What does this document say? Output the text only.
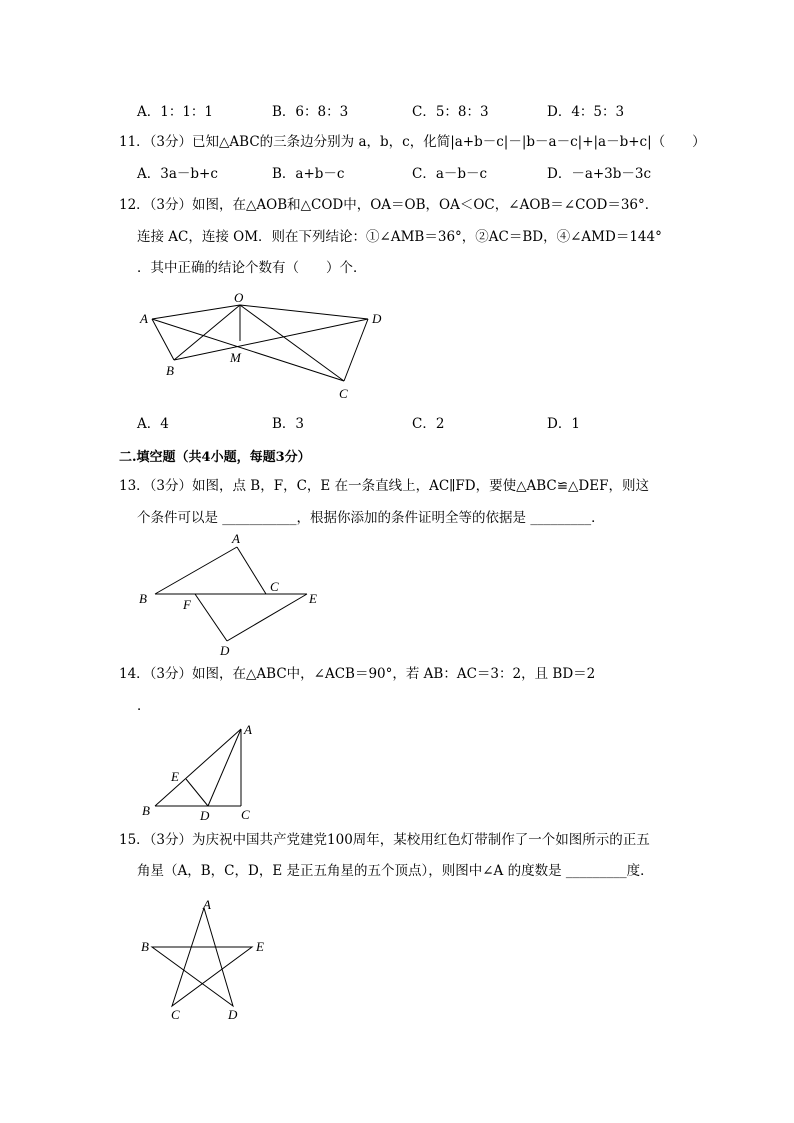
A．1：1：1	B．6：8：3	C．5：8：3	D．4：5：3
11．（3分）已知△ABC的三条边分别为 a，b，c，化简|a+b－c|－|b－a－c|+|a－b+c|（　　）
A．3a－b+c	B．a+b－c	C．a－b－c	D．－a+3b－3c
12．（3分）如图，在△AOB和△COD中，OA＝OB，OA＜OC，∠AOB＝∠COD＝36°．
连接 AC，连接 OM．则在下列结论：①∠AMB＝36°，②AC＝BD，④∠AMD＝144°
．其中正确的结论个数有（　　）个．
A
O
D
B
M
C
A．4	B．3	C．2	D．1
二.填空题（共4小题，每题3分）
13．（3分）如图，点 B，F，C，E 在一条直线上，AC∥FD，要使△ABC≌△DEF，则这
个条件可以是 ___________，根据你添加的条件证明全等的依据是 _________．
A
B
C
F	E
D
14．（3分）如图，在△ABC中，∠ACB＝90°，若 AB：AC＝3：2，且 BD＝2
．
A
E
B	D C
15．（3分）为庆祝中国共产党建党100周年，某校用红色灯带制作了一个如图所示的正五
角星（A，B，C，D，E 是正五角星的五个顶点），则图中∠A 的度数是 _________度．
A
B	E
C	D
